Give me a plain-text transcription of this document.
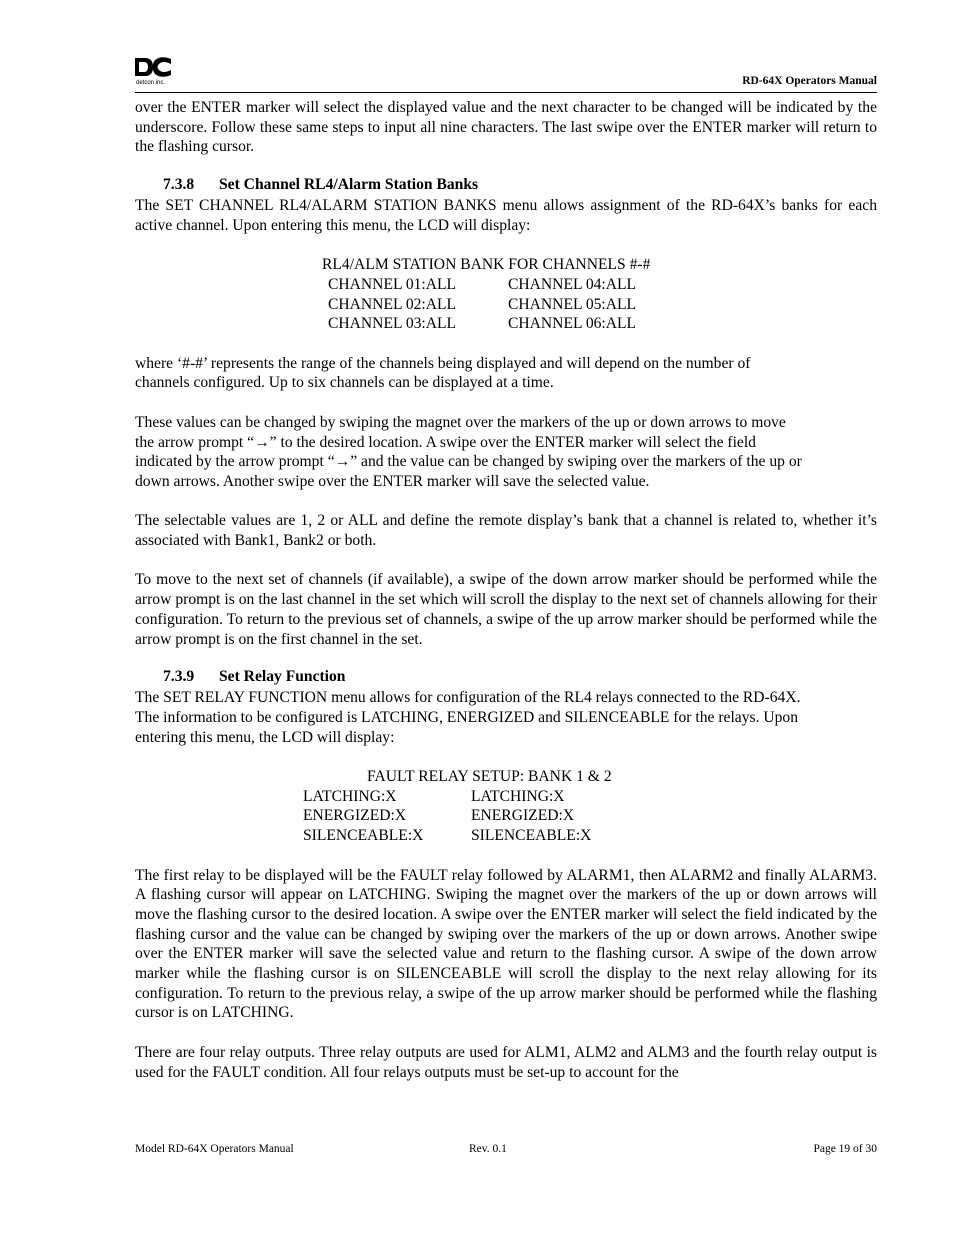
detcon inc.	RD-64X Operators Manual

over the ENTER marker will select the displayed value and the next character to be changed will be indicated by the underscore. Follow these same steps to input all nine characters. The last swipe over the ENTER marker will return to the flashing cursor.

7.3.8 Set Channel RL4/Alarm Station Banks

The SET CHANNEL RL4/ALARM STATION BANKS menu allows assignment of the RD-64X’s banks for each active channel. Upon entering this menu, the LCD will display:

RL4/ALM STATION BANK FOR CHANNELS #-#
CHANNEL 01:ALL	CHANNEL 04:ALL
CHANNEL 02:ALL	CHANNEL 05:ALL
CHANNEL 03:ALL	CHANNEL 06:ALL

where ‘#-#’ represents the range of the channels being displayed and will depend on the number of

channels configured. Up to six channels can be displayed at a time.

These values can be changed by swiping the magnet over the markers of the up or down arrows to move

the arrow prompt “→” to the desired location. A swipe over the ENTER marker will select the field

indicated by the arrow prompt “→” and the value can be changed by swiping over the markers of the up or

down arrows. Another swipe over the ENTER marker will save the selected value.

The selectable values are 1, 2 or ALL and define the remote display’s bank that a channel is related to, whether it’s associated with Bank1, Bank2 or both.

To move to the next set of channels (if available), a swipe of the down arrow marker should be performed while the arrow prompt is on the last channel in the set which will scroll the display to the next set of channels allowing for their configuration. To return to the previous set of channels, a swipe of the up arrow marker should be performed while the arrow prompt is on the first channel in the set.

7.3.9 Set Relay Function

The SET RELAY FUNCTION menu allows for configuration of the RL4 relays connected to the RD-64X.

The information to be configured is LATCHING, ENERGIZED and SILENCEABLE for the relays. Upon

entering this menu, the LCD will display:

FAULT RELAY SETUP: BANK 1 & 2
LATCHING:X	LATCHING:X
ENERGIZED:X	ENERGIZED:X
SILENCEABLE:X	SILENCEABLE:X

The first relay to be displayed will be the FAULT relay followed by ALARM1, then ALARM2 and finally ALARM3. A flashing cursor will appear on LATCHING. Swiping the magnet over the markers of the up or down arrows will move the flashing cursor to the desired location. A swipe over the ENTER marker will select the field indicated by the flashing cursor and the value can be changed by swiping over the markers of the up or down arrows. Another swipe over the ENTER marker will save the selected value and return to the flashing cursor. A swipe of the down arrow marker while the flashing cursor is on SILENCEABLE will scroll the display to the next relay allowing for its configuration. To return to the previous relay, a swipe of the up arrow marker should be performed while the flashing cursor is on LATCHING.

There are four relay outputs. Three relay outputs are used for ALM1, ALM2 and ALM3 and the fourth relay output is used for the FAULT condition. All four relays outputs must be set-up to account for the

Model RD-64X Operators Manual	Rev. 0.1	Page 19 of 30
